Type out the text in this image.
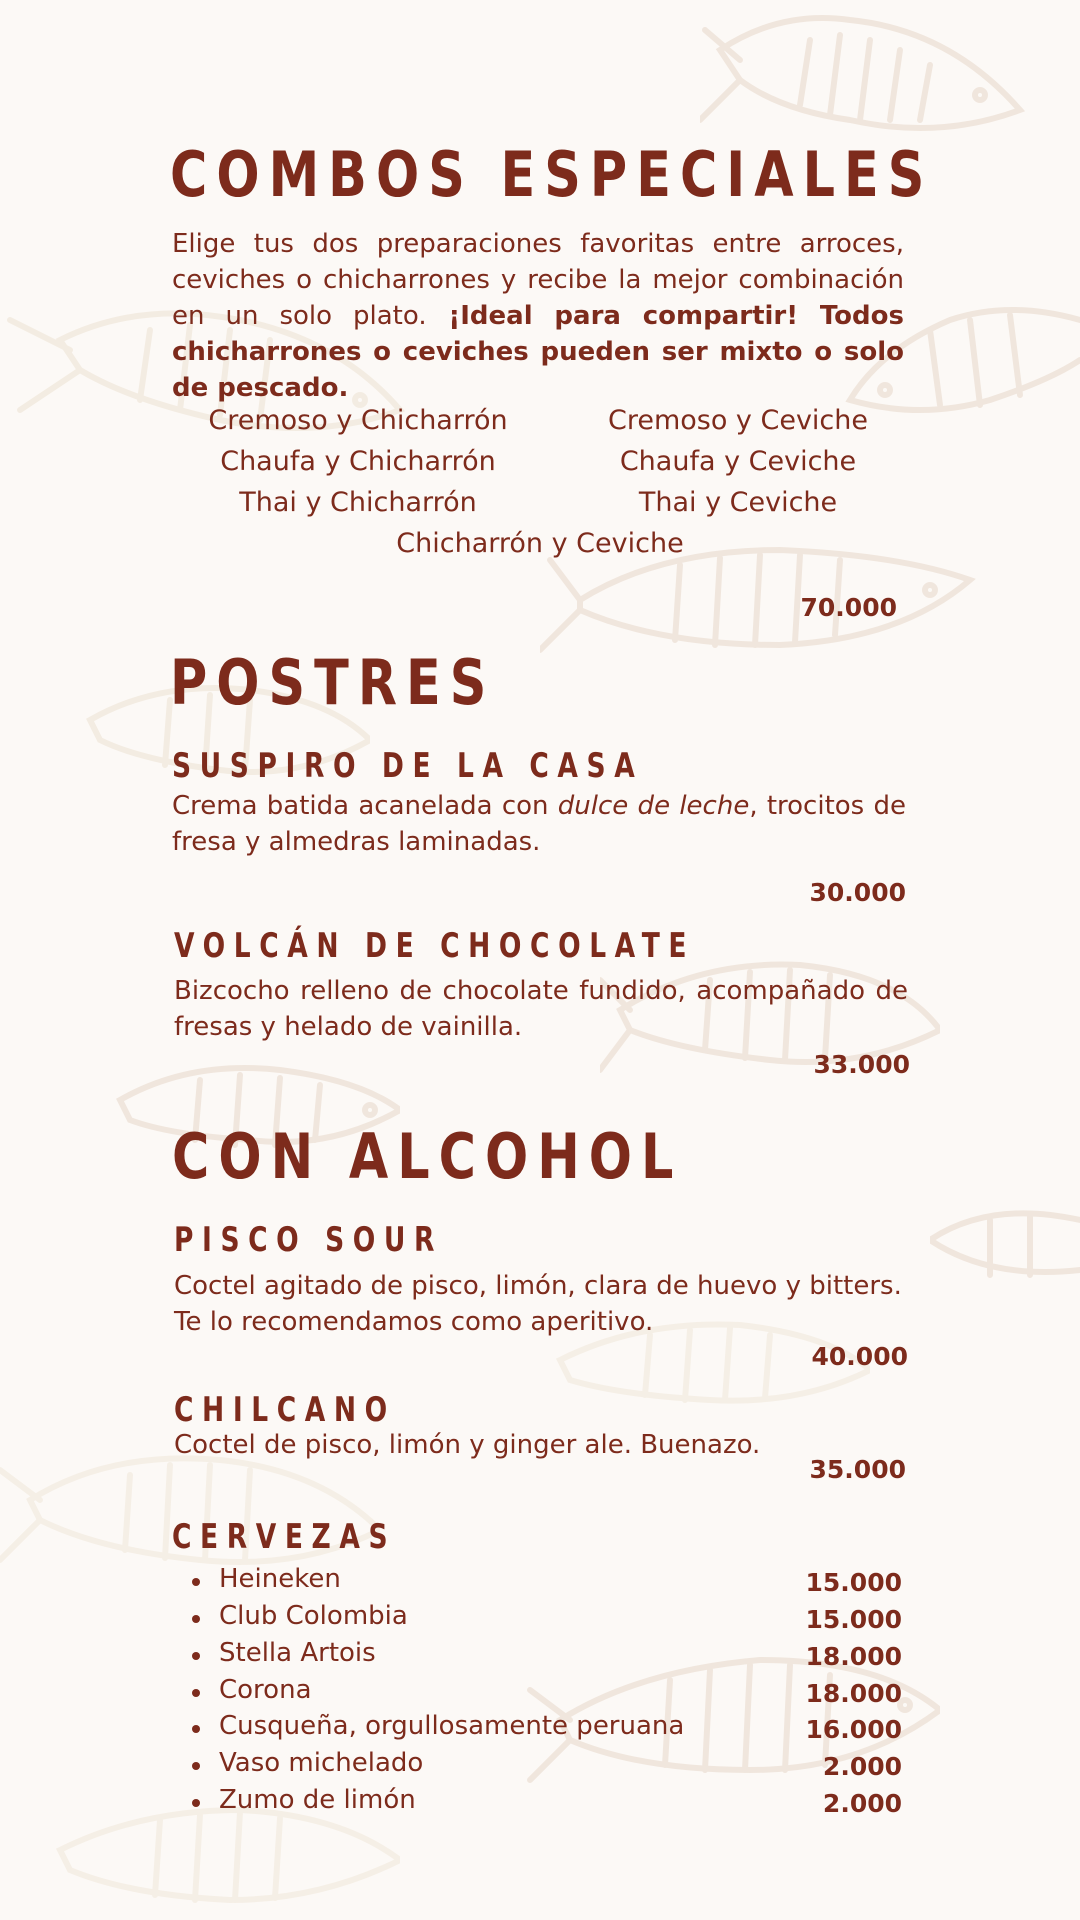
COMBOS ESPECIALES

Elige tus dos preparaciones favoritas entre arroces, ceviches o chicharrones y recibe la mejor combinación en un solo plato. ¡Ideal para compartir! Todos chicharrones o ceviches pueden ser mixto o solo de pescado.

Cremoso y Chicharrón
Chaufa y Chicharrón
Thai y Chicharrón
Cremoso y Ceviche
Chaufa y Ceviche
Thai y Ceviche
Chicharrón y Ceviche
70.000
POSTRES
SUSPIRO DE LA CASA

Crema batida acanelada con dulce de leche, trocitos de fresa y almedras laminadas.

30.000
VOLCÁN DE CHOCOLATE

Bizcocho relleno de chocolate fundido, acompañado de fresas y helado de vainilla.

33.000
CON ALCOHOL
PISCO SOUR
Coctel agitado de pisco, limón, clara de huevo y bitters.
Te lo recomendamos como aperitivo.
40.000
CHILCANO
Coctel de pisco, limón y ginger ale. Buenazo.
35.000
CERVEZAS
Heineken	15.000
Club Colombia	15.000
Stella Artois	18.000
Corona	18.000
Cusqueña, orgullosamente peruana	16.000
Vaso michelado	2.000
Zumo de limón	2.000
